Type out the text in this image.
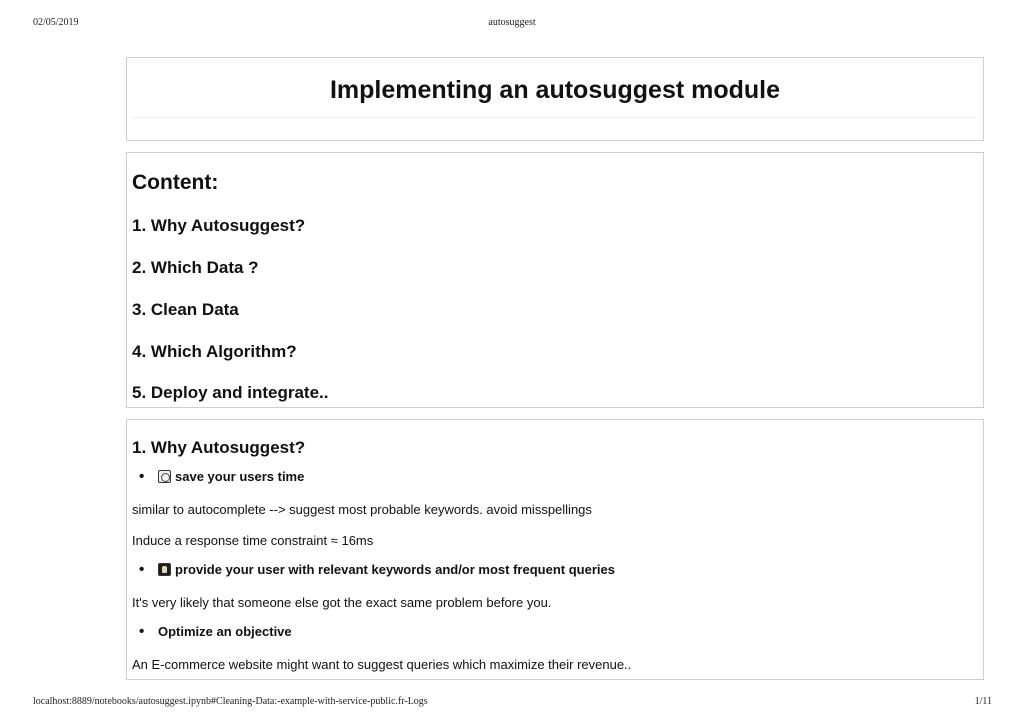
02/05/2019	autosuggest
Implementing an autosuggest module
Content:
1. Why Autosuggest?
2. Which Data ?
3. Clean Data
4. Which Algorithm?
5. Deploy and integrate..
1. Why Autosuggest?
•	save your users time

similar to autocomplete --> suggest most probable keywords. avoid misspellings

Induce a response time constraint ≈ 16ms

•	provide your user with relevant keywords and/or most frequent queries

It's very likely that someone else got the exact same problem before you.

•	Optimize an objective

An E-commerce website might want to suggest queries which maximize their revenue..

localhost:8889/notebooks/autosuggest.ipynb#Cleaning-Data:-example-with-service-public.fr-Logs	1/11
